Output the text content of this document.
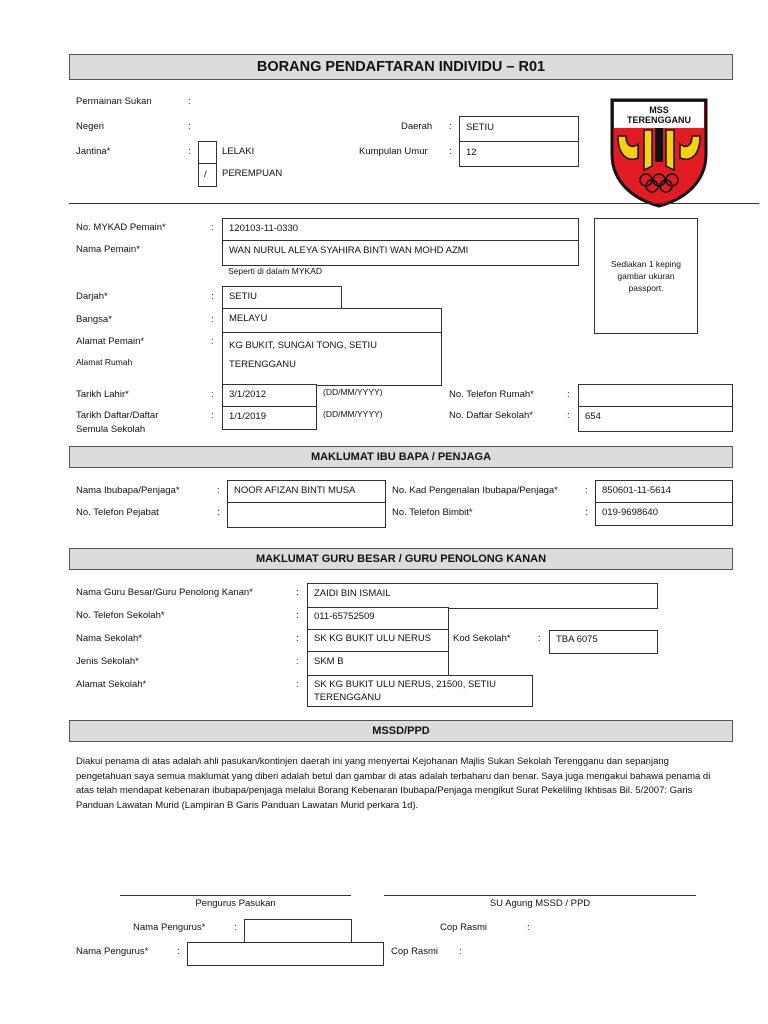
BORANG PENDAFTARAN INDIVIDU – R01
MSS
TERENGGANU
Permainan Sukan	:
Negeri	:
Jantina*	:
/
LELAKI
PEREMPUAN
Daerah : SETIU
Kumpulan Umur : 12
No. MYKAD Pemain*	: 120103-11-0330
Nama Pemain*	WAN NURUL ALEYA SYAHIRA BINTI WAN MOHD AZMI
Seperti di dalam MYKAD
Sediakan 1 keping
gambar ukuran
passport.
Darjah*	: SETIU
Bangsa*	: MELAYU
Alamat Pemain*	:
Alamat Rumah
KG BUKIT, SUNGAI TONG, SETIU
TERENGGANU
Tarikh Lahir*	: 3/1/2012	(DD/MM/YYYY)
Tarikh Daftar/Daftar
Semula Sekolah
: 1/1/2019	(DD/MM/YYYY)
No. Telefon Rumah*	:
No. Daftar Sekolah*	: 654
MAKLUMAT IBU BAPA / PENJAGA
Nama Ibubapa/Penjaga*	: NOOR AFIZAN BINTI MUSA	No. Kad Pengenalan Ibubapa/Penjaga*	: 850601-11-5614
No. Telefon Pejabat	:	No. Telefon Bimbit*	: 019-9698640
MAKLUMAT GURU BESAR / GURU PENOLONG KANAN
Nama Guru Besar/Guru Penolong Kanan*	: ZAIDI BIN ISMAIL
No. Telefon Sekolah*	: 011-65752509
Nama Sekolah*	: SK KG BUKIT ULU NERUS Kod Sekolah*	: TBA 6075
Jenis Sekolah*	: SKM B
Alamat Sekolah*	: SK KG BUKIT ULU NERUS, 21500, SETIU
TERENGGANU
MSSD/PPD
Diakui penama di atas adalah ahli pasukan/kontinjen daerah ini yang menyertai Kejohanan Majlis Sukan Sekolah Terengganu dan sepanjang pengetahuan saya semua maklumat yang diberi adalah betul dan gambar di atas adalah terbaharu dan benar. Saya juga mengakui bahawa penama di atas telah mendapat kebenaran ibubapa/penjaga melalui Borang Kebenaran Ibubapa/Penjaga mengikut Surat Pekeliling Ikhtisas Bil. 5/2007: Garis Panduan Lawatan Murid (Lampiran B Garis Panduan Lawatan Murid perkara 1d).
Pengurus Pasukan	SU Agung MSSD / PPD
Nama Pengurus*	:	Cop Rasmi	:
Nama Pengurus*	:	Cop Rasmi :
